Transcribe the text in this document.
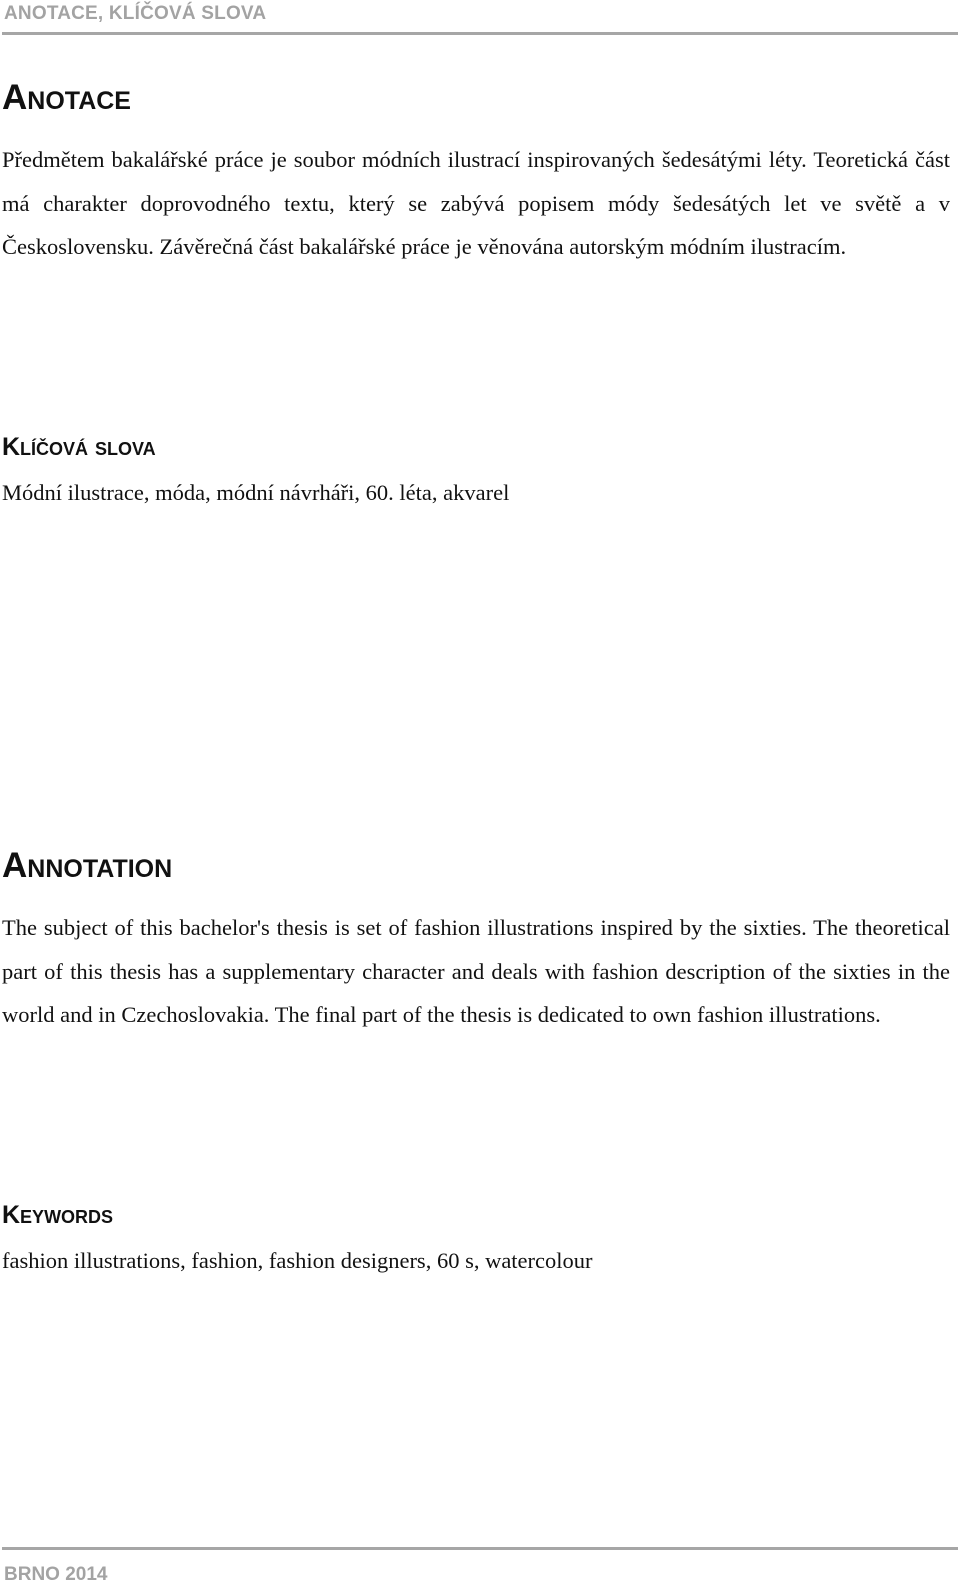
ANOTACE, KLÍČOVÁ SLOVA
Anotace

Předmětem bakalářské práce je soubor módních ilustrací inspirovaných šedesátými léty. Teoretická část má charakter doprovodného textu, který se zabývá popisem módy šedesátých let ve světě a v Československu. Závěrečná část bakalářské práce je věnována autorským módním ilustracím.

Klíčová slova

Módní ilustrace, móda, módní návrháři, 60. léta, akvarel

Annotation

The subject of this bachelor's thesis is set of fashion illustrations inspired by the sixties. The theoretical part of this thesis has a supplementary character and deals with fashion description of the sixties in the world and in Czechoslovakia. The final part of the thesis is dedicated to own fashion illustrations.

Keywords

fashion illustrations, fashion, fashion designers, 60 s, watercolour

BRNO 2014
